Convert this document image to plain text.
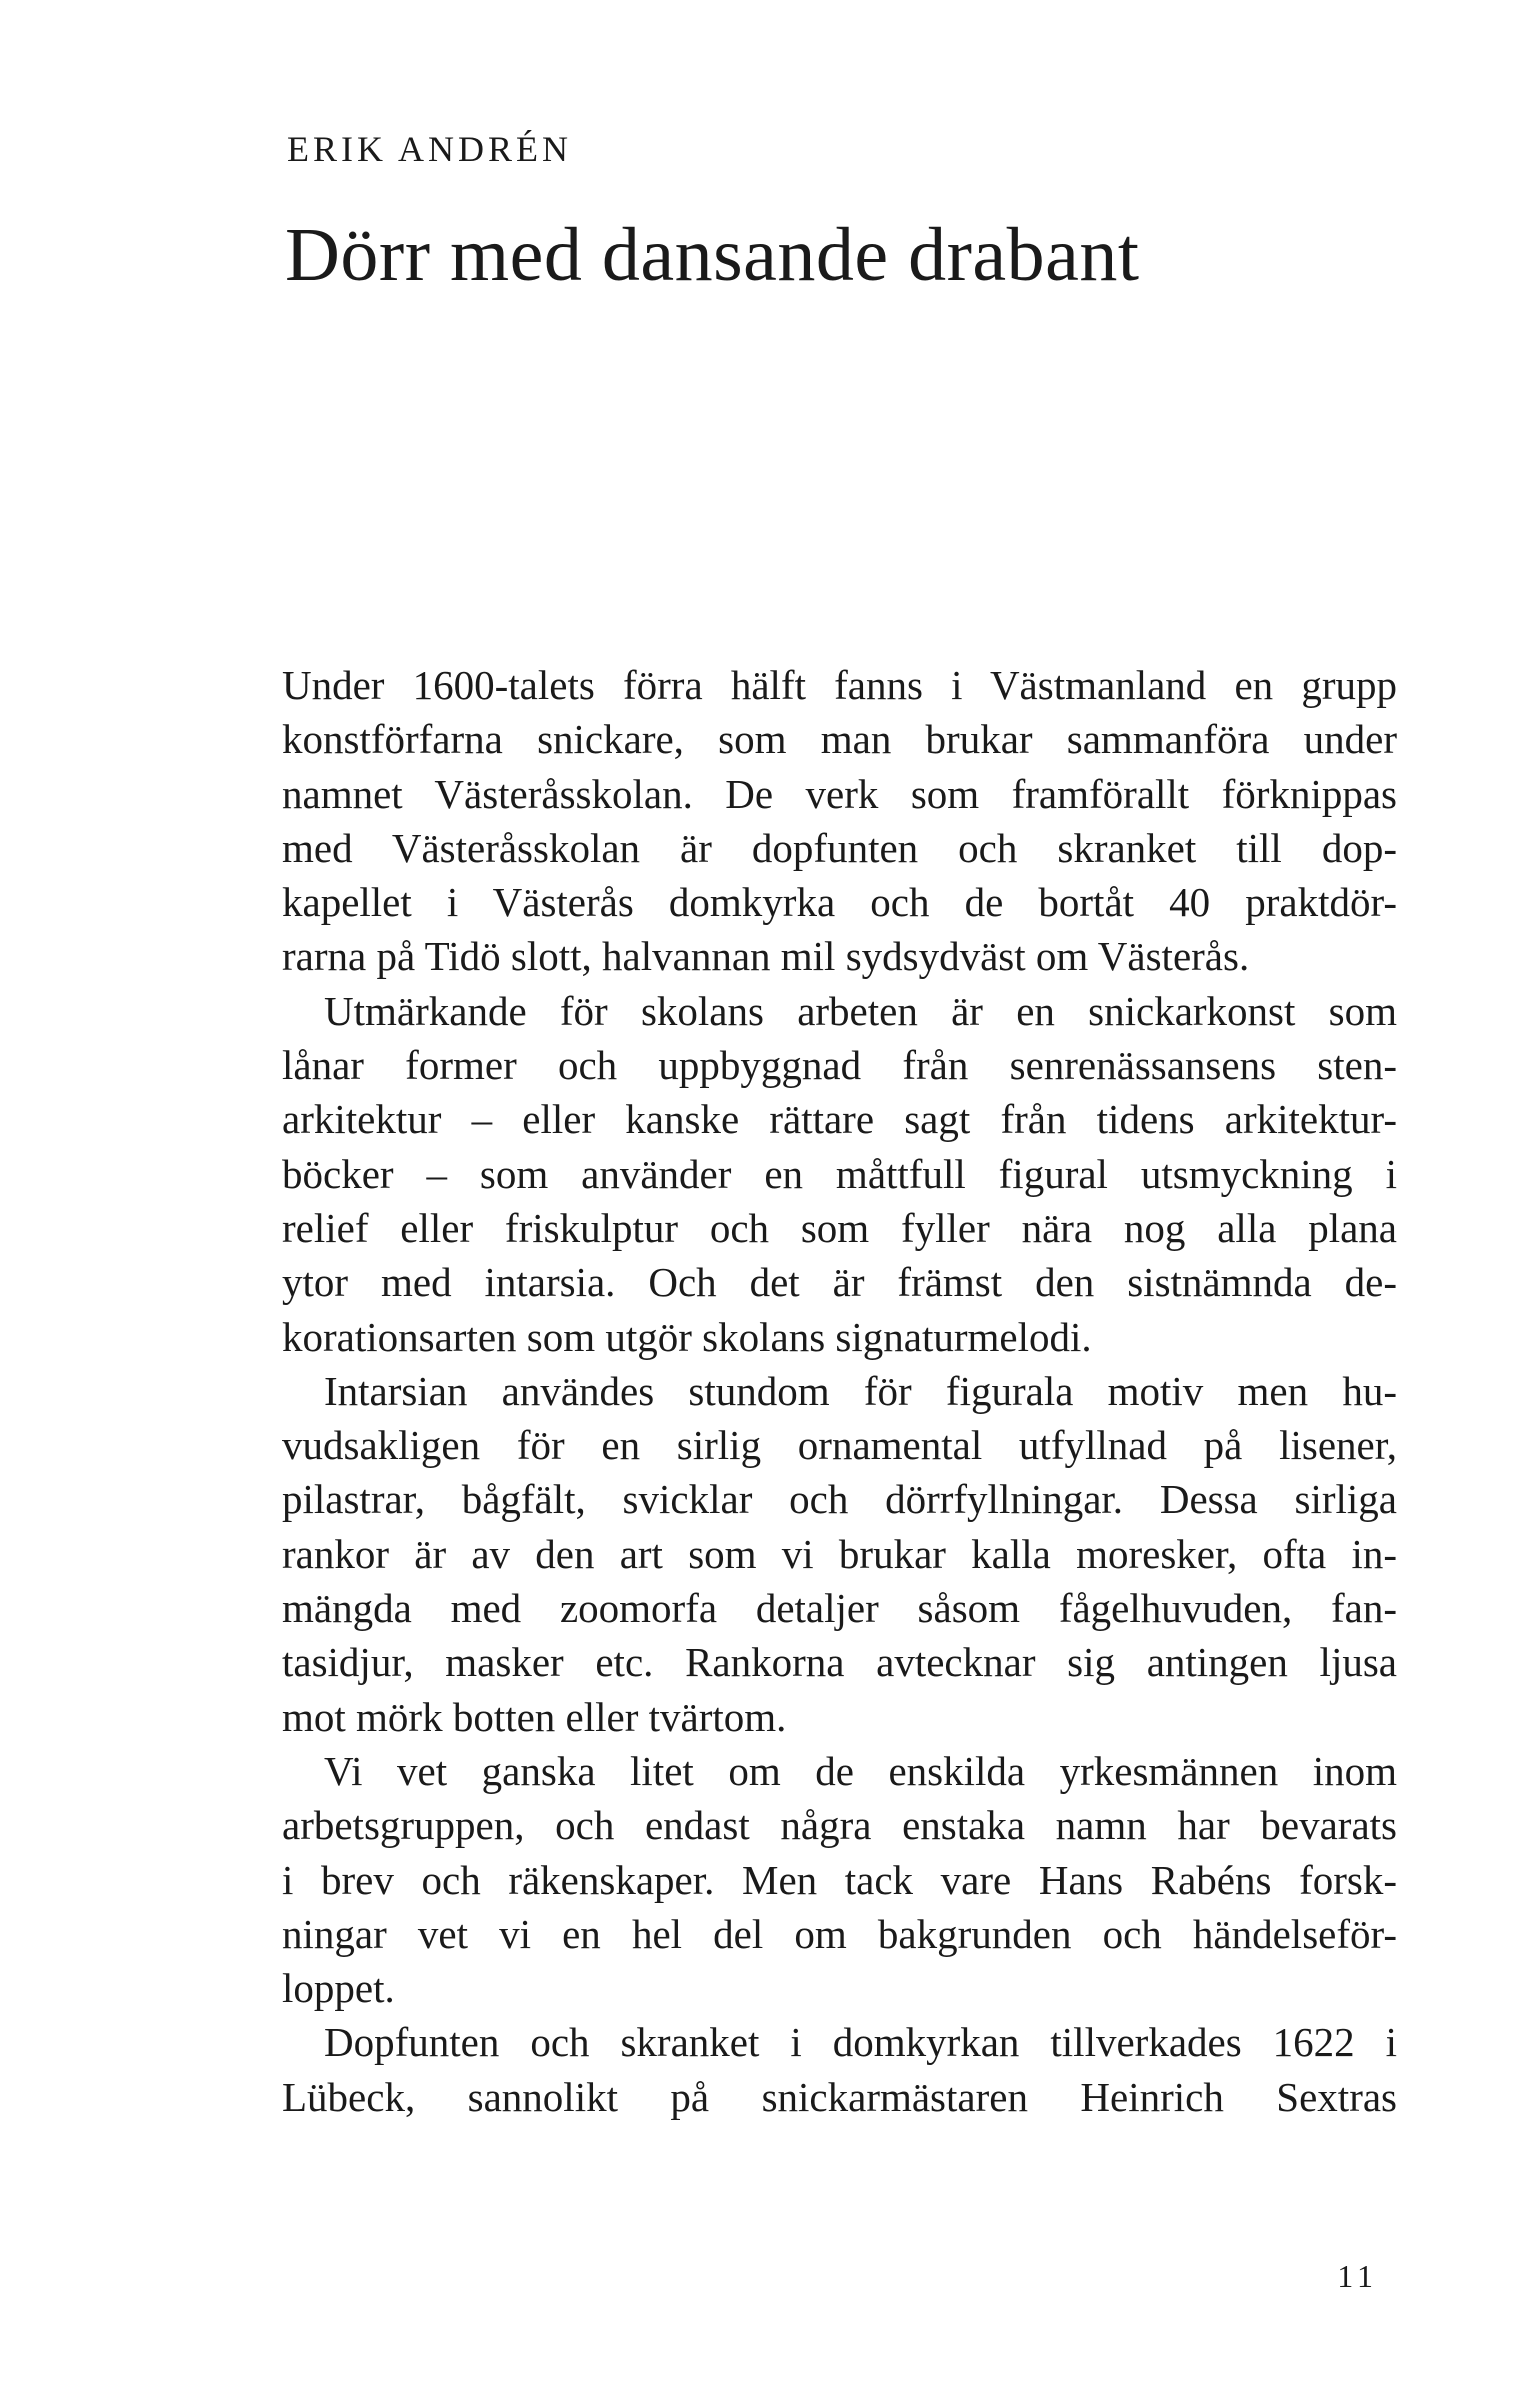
ERIK ANDRÉN
Dörr med dansande drabant
Under 1600-talets förra hälft fanns i Västmanland en grupp
konstförfarna snickare, som man brukar sammanföra under
namnet Västeråsskolan. De verk som framförallt förknippas
med Västeråsskolan är dopfunten och skranket till dop-
kapellet i Västerås domkyrka och de bortåt 40 praktdör-
rarna på Tidö slott, halvannan mil sydsydväst om Västerås.
Utmärkande för skolans arbeten är en snickarkonst som
lånar former och uppbyggnad från senrenässansens sten-
arkitektur – eller kanske rättare sagt från tidens arkitektur-
böcker – som använder en måttfull figural utsmyckning i
relief eller friskulptur och som fyller nära nog alla plana
ytor med intarsia. Och det är främst den sistnämnda de-
korationsarten som utgör skolans signaturmelodi.
Intarsian användes stundom för figurala motiv men hu-
vudsakligen för en sirlig ornamental utfyllnad på lisener,
pilastrar, bågfält, svicklar och dörrfyllningar. Dessa sirliga
rankor är av den art som vi brukar kalla moresker, ofta in-
mängda med zoomorfa detaljer såsom fågelhuvuden, fan-
tasidjur, masker etc. Rankorna avtecknar sig antingen ljusa
mot mörk botten eller tvärtom.
Vi vet ganska litet om de enskilda yrkesmännen inom
arbetsgruppen, och endast några enstaka namn har bevarats
i brev och räkenskaper. Men tack vare Hans Rabéns forsk-
ningar vet vi en hel del om bakgrunden och händelseför-
loppet.
Dopfunten och skranket i domkyrkan tillverkades 1622 i
Lübeck, sannolikt på snickarmästaren Heinrich Sextras
11
